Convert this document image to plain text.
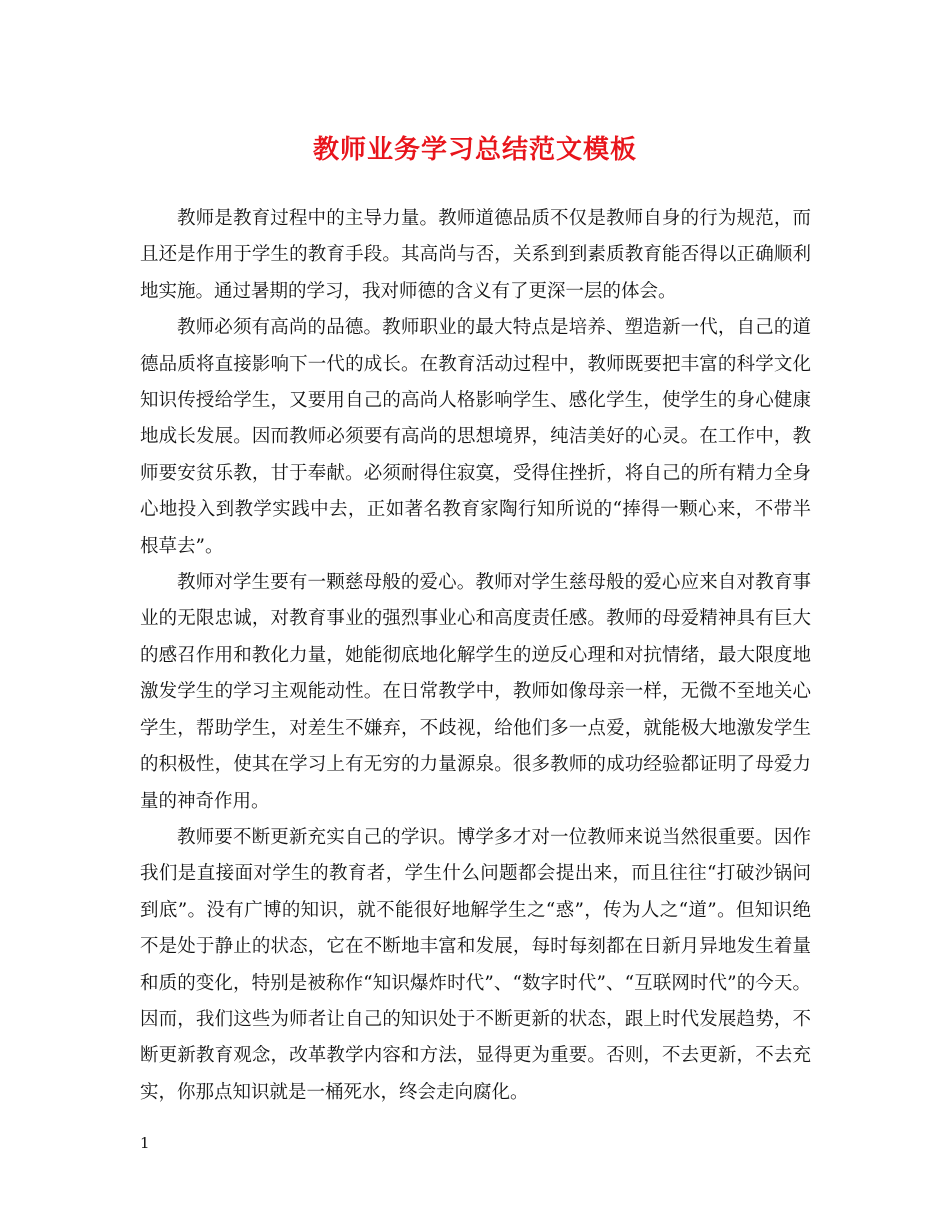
教师业务学习总结范文模板

教师是教育过程中的主导力量。教师道德品质不仅是教师自身的行为规范，而且还是作用于学生的教育手段。其高尚与否，关系到到素质教育能否得以正确顺利地实施。通过暑期的学习，我对师德的含义有了更深一层的体会。

教师必须有高尚的品德。教师职业的最大特点是培养、塑造新一代，自己的道德品质将直接影响下一代的成长。在教育活动过程中，教师既要把丰富的科学文化知识传授给学生，又要用自己的高尚人格影响学生、感化学生，使学生的身心健康地成长发展。因而教师必须要有高尚的思想境界，纯洁美好的心灵。在工作中，教师要安贫乐教，甘于奉献。必须耐得住寂寞，受得住挫折，将自己的所有精力全身心地投入到教学实践中去，正如著名教育家陶行知所说的“捧得一颗心来，不带半根草去”。

教师对学生要有一颗慈母般的爱心。教师对学生慈母般的爱心应来自对教育事业的无限忠诚，对教育事业的强烈事业心和高度责任感。教师的母爱精神具有巨大的感召作用和教化力量，她能彻底地化解学生的逆反心理和对抗情绪，最大限度地激发学生的学习主观能动性。在日常教学中，教师如像母亲一样，无微不至地关心学生，帮助学生，对差生不嫌弃，不歧视，给他们多一点爱，就能极大地激发学生的积极性，使其在学习上有无穷的力量源泉。很多教师的成功经验都证明了母爱力量的神奇作用。

教师要不断更新充实自己的学识。博学多才对一位教师来说当然很重要。因作我们是直接面对学生的教育者，学生什么问题都会提出来，而且往往“打破沙锅问到底”。没有广博的知识，就不能很好地解学生之“惑”，传为人之“道”。但知识绝不是处于静止的状态，它在不断地丰富和发展，每时每刻都在日新月异地发生着量和质的变化，特别是被称作“知识爆炸时代”、“数字时代”、“互联网时代”的今天。因而，我们这些为师者让自己的知识处于不断更新的状态，跟上时代发展趋势，不断更新教育观念，改革教学内容和方法，显得更为重要。否则，不去更新，不去充实，你那点知识就是一桶死水，终会走向腐化。

1
